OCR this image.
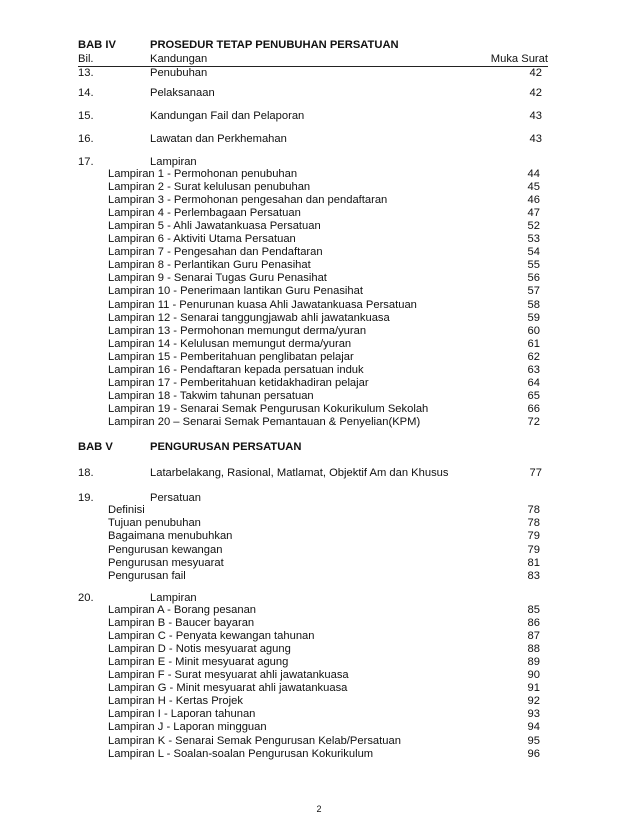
BAB IV	PROSEDUR TETAP PENUBUHAN PERSATUAN
Bil.	Kandungan	Muka Surat
13.	Penubuhan	42
14.	Pelaksanaan	42
15.	Kandungan Fail dan Pelaporan	43
16.	Lawatan dan Perkhemahan	43
17.	Lampiran
Lampiran 1 - Permohonan penubuhan	44
Lampiran 2 - Surat kelulusan penubuhan	45
Lampiran 3 - Permohonan pengesahan dan pendaftaran	46
Lampiran 4 - Perlembagaan Persatuan	47
Lampiran 5 - Ahli Jawatankuasa Persatuan	52
Lampiran 6 - Aktiviti Utama Persatuan	53
Lampiran 7 - Pengesahan dan Pendaftaran	54
Lampiran 8 - Perlantikan Guru Penasihat	55
Lampiran 9 - Senarai Tugas Guru Penasihat	56
Lampiran 10 - Penerimaan lantikan Guru Penasihat	57
Lampiran 11 - Penurunan kuasa Ahli Jawatankuasa Persatuan	58
Lampiran 12 - Senarai tanggungjawab ahli jawatankuasa	59
Lampiran 13 - Permohonan memungut derma/yuran	60
Lampiran 14 - Kelulusan memungut derma/yuran	61
Lampiran 15 - Pemberitahuan penglibatan pelajar	62
Lampiran 16 - Pendaftaran kepada persatuan induk	63
Lampiran 17 - Pemberitahuan ketidakhadiran pelajar	64
Lampiran 18 - Takwim tahunan persatuan	65
Lampiran 19 - Senarai Semak Pengurusan Kokurikulum Sekolah	66
Lampiran 20 – Senarai Semak Pemantauan & Penyelian(KPM)	72
BAB V	PENGURUSAN PERSATUAN
18.	Latarbelakang, Rasional, Matlamat, Objektif Am dan Khusus	77
19.	Persatuan
Definisi	78
Tujuan penubuhan	78
Bagaimana menubuhkan	79
Pengurusan kewangan	79
Pengurusan mesyuarat	81
Pengurusan fail	83
20.	Lampiran
Lampiran A - Borang pesanan	85
Lampiran B - Baucer bayaran	86
Lampiran C - Penyata kewangan tahunan	87
Lampiran D - Notis mesyuarat agung	88
Lampiran E - Minit mesyuarat agung	89
Lampiran F - Surat mesyuarat ahli jawatankuasa	90
Lampiran G - Minit mesyuarat ahli jawatankuasa	91
Lampiran H - Kertas Projek	92
Lampiran I - Laporan tahunan	93
Lampiran J - Laporan mingguan	94
Lampiran K - Senarai Semak Pengurusan Kelab/Persatuan	95
Lampiran L - Soalan-soalan Pengurusan Kokurikulum	96
2
